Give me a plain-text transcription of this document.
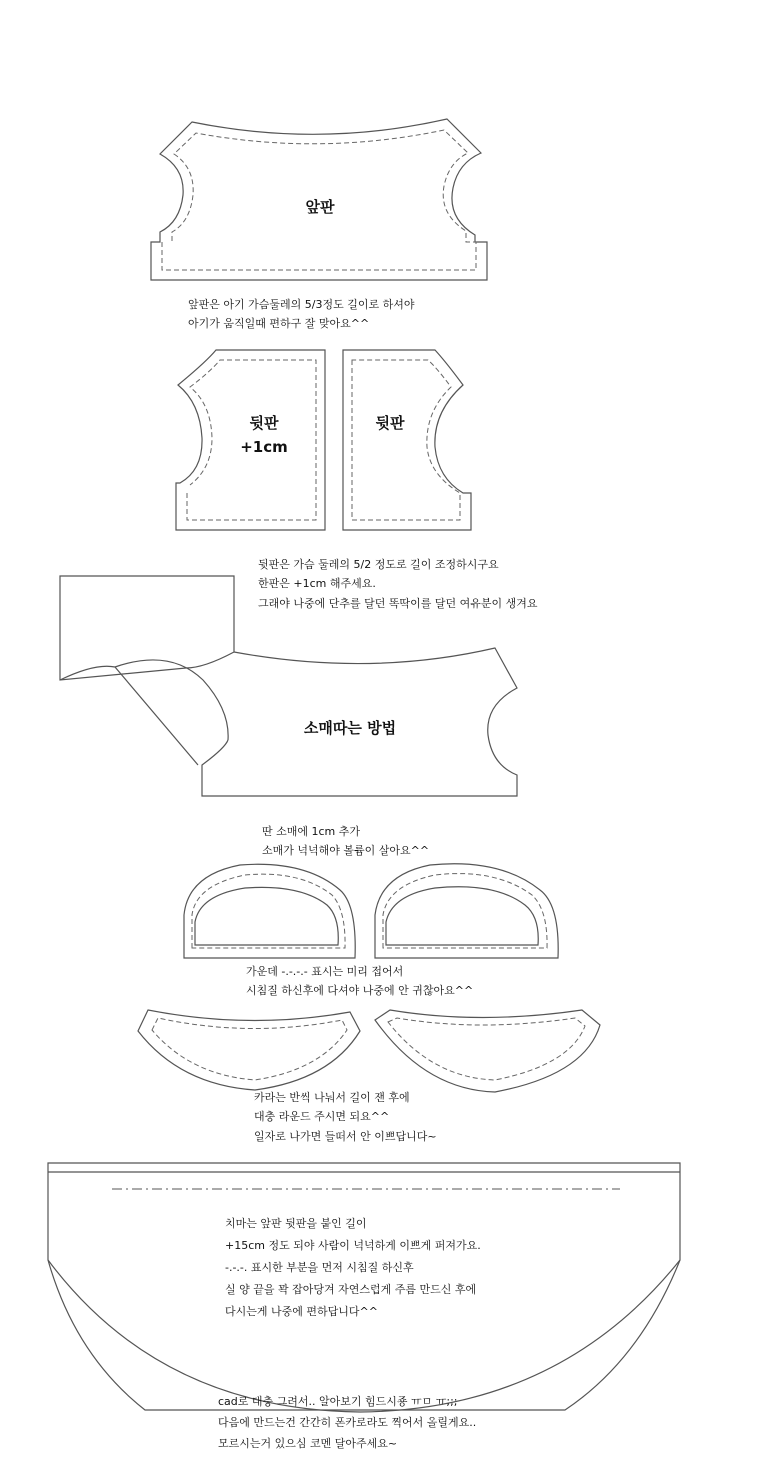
앞판
뒷판
+1cm
뒷판
소매따는 방법
앞판은 아기 가슴둘레의 5/3정도 길이로 하셔야
아기가 움직일때 편하구 잘 맞아요^^
뒷판은 가슴 둘레의 5/2 정도로 길이 조정하시구요
한판은 +1cm 해주세요.
그래야 나중에 단추를 달던 똑딱이를 달던 여유분이 생겨요
딴 소매에 1cm 추가
소매가 넉넉해야 볼륨이 살아요^^
가운데 -.-.-.- 표시는 미리 접어서
시침질 하신후에 다셔야 나중에 안 귀찮아요^^
카라는 반씩 나눠서 길이 잰 후에
대충 라운드 주시면 되요^^
일자로 나가면 들떠서 안 이쁘답니다~
치마는 앞판 뒷판을 붙인 길이
+15cm 정도 되야 사람이 넉넉하게 이쁘게 퍼져가요.
-.-.-. 표시한 부분을 먼저 시침질 하신후
실 양 끝을 꽉 잡아당겨 자연스럽게 주름 만드신 후에
다시는게 나중에 편하답니다^^
cad로 대충 그려서.. 알아보기 힘드시죵 ㅠㅁ ㅠ;;;
다음에 만드는건 간간히 폰카로라도 찍어서 올릴게요..
모르시는거 있으심 코멘 달아주세요~
